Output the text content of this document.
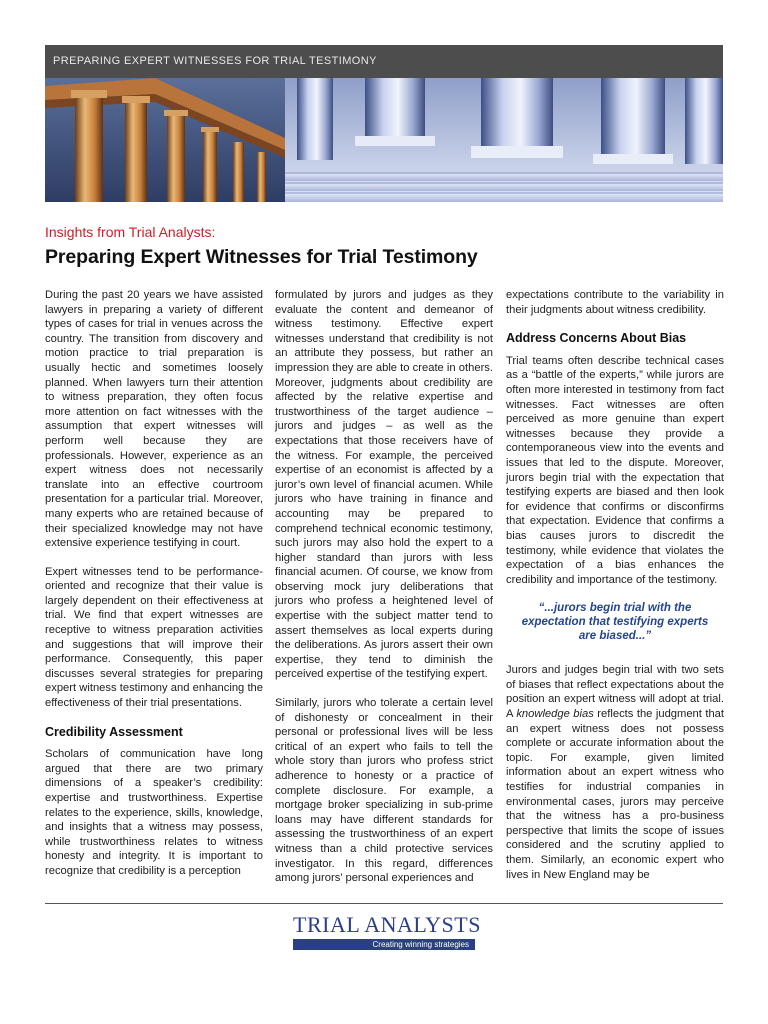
PREPARING EXPERT WITNESSES FOR TRIAL TESTIMONY
Insights from Trial Analysts:
Preparing Expert Witnesses for Trial Testimony

During the past 20 years we have assisted lawyers in preparing a variety of different types of cases for trial in venues across the country. The transition from discovery and motion practice to trial preparation is usually hectic and sometimes loosely planned. When lawyers turn their attention to witness preparation, they often focus more attention on fact witnesses with the assumption that expert witnesses will perform well because they are professionals. However, experience as an expert witness does not necessarily translate into an effective courtroom presentation for a particular trial. Moreover, many experts who are retained because of their specialized knowledge may not have extensive experience testifying in court.

Expert witnesses tend to be performance-oriented and recognize that their value is largely dependent on their effectiveness at trial. We find that expert witnesses are receptive to witness preparation activities and suggestions that will improve their performance. Consequently, this paper discusses several strategies for preparing expert witness testimony and enhancing the effectiveness of their trial presentations.

Credibility Assessment

Scholars of communication have long argued that there are two primary dimensions of a speaker’s credibility: expertise and trustworthiness. Expertise relates to the experience, skills, knowledge, and insights that a witness may possess, while trustworthiness relates to witness honesty and integrity. It is important to recognize that credibility is a perception

formulated by jurors and judges as they evaluate the content and demeanor of witness testimony. Effective expert witnesses understand that credibility is not an attribute they possess, but rather an impression they are able to create in others. Moreover, judgments about credibility are affected by the relative expertise and trustworthiness of the target audience – jurors and judges – as well as the expectations that those receivers have of the witness. For example, the perceived expertise of an economist is affected by a juror’s own level of financial acumen. While jurors who have training in finance and accounting may be prepared to comprehend technical economic testimony, such jurors may also hold the expert to a higher standard than jurors with less financial acumen. Of course, we know from observing mock jury deliberations that jurors who profess a heightened level of expertise with the subject matter tend to assert themselves as local experts during the deliberations. As jurors assert their own expertise, they tend to diminish the perceived expertise of the testifying expert.

Similarly, jurors who tolerate a certain level of dishonesty or concealment in their personal or professional lives will be less critical of an expert who fails to tell the whole story than jurors who profess strict adherence to honesty or a practice of complete disclosure. For example, a mortgage broker specializing in sub-prime loans may have different standards for assessing the trustworthiness of an expert witness than a child protective services investigator. In this regard, differences among jurors’ personal experiences and

expectations contribute to the variability in their judgments about witness credibility.

Address Concerns About Bias

Trial teams often describe technical cases as a “battle of the experts,” while jurors are often more interested in testimony from fact witnesses. Fact witnesses are often perceived as more genuine than expert witnesses because they provide a contemporaneous view into the events and issues that led to the dispute. Moreover, jurors begin trial with the expectation that testifying experts are biased and then look for evidence that confirms or disconfirms that expectation. Evidence that confirms a bias causes jurors to discredit the testimony, while evidence that violates the expectation of a bias enhances the credibility and importance of the testimony.

“...jurors begin trial with the expectation that testifying experts are biased...”

Jurors and judges begin trial with two sets of biases that reflect expectations about the position an expert witness will adopt at trial. A knowledge bias reflects the judgment that an expert witness does not possess complete or accurate information about the topic. For example, given limited information about an expert witness who testifies for industrial companies in environmental cases, jurors may perceive that the witness has a pro-business perspective that limits the scope of issues considered and the scrutiny applied to them. Similarly, an economic expert who lives in New England may be

TRIAL ANALYSTS
Creating winning strategies
